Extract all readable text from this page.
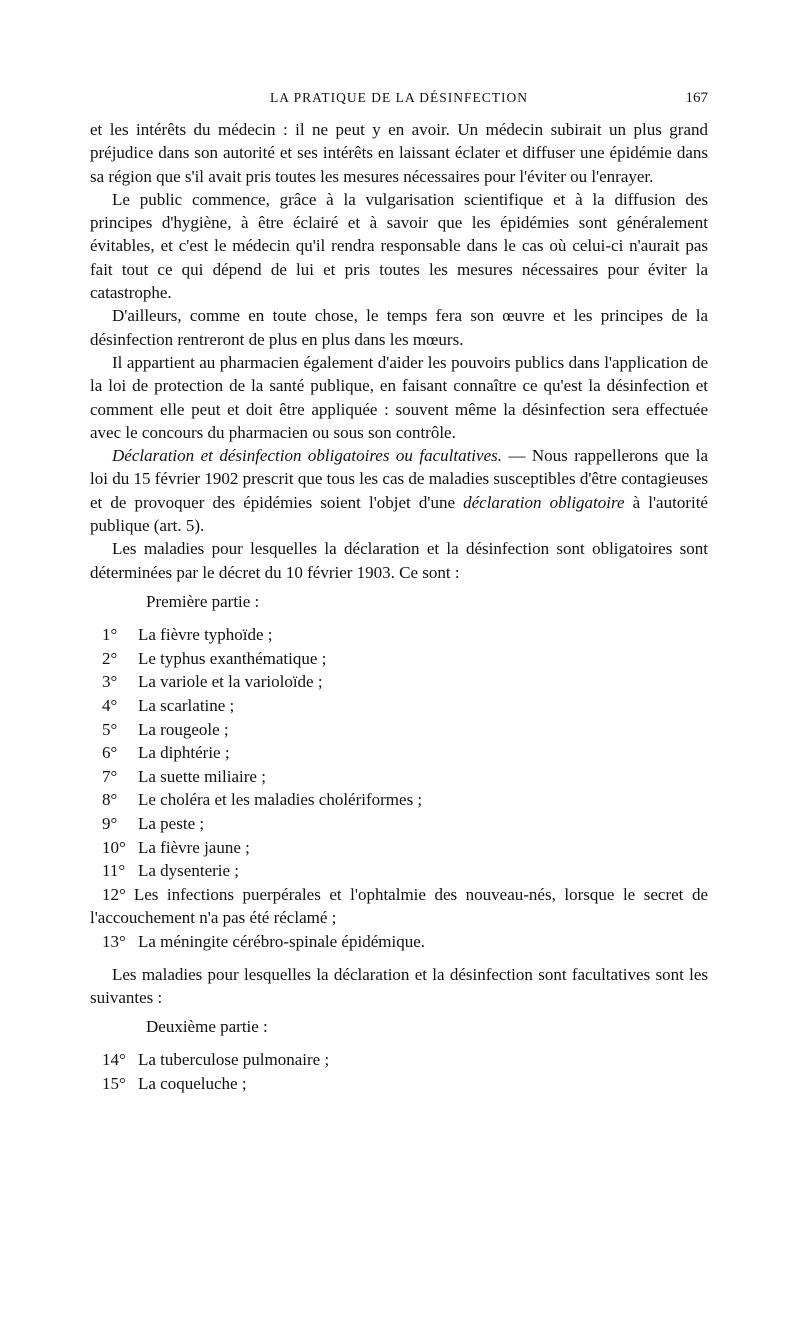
LA PRATIQUE DE LA DÉSINFECTION	167

et les intérêts du médecin : il ne peut y en avoir. Un médecin subirait un plus grand préjudice dans son autorité et ses intérêts en laissant éclater et diffuser une épidémie dans sa région que s'il avait pris toutes les mesures nécessaires pour l'éviter ou l'enrayer.

Le public commence, grâce à la vulgarisation scientifique et à la diffusion des principes d'hygiène, à être éclairé et à savoir que les épidémies sont généralement évitables, et c'est le médecin qu'il rendra responsable dans le cas où celui-ci n'aurait pas fait tout ce qui dépend de lui et pris toutes les mesures nécessaires pour éviter la catastrophe.

D'ailleurs, comme en toute chose, le temps fera son œuvre et les principes de la désinfection rentreront de plus en plus dans les mœurs.

Il appartient au pharmacien également d'aider les pouvoirs publics dans l'application de la loi de protection de la santé publique, en faisant connaître ce qu'est la désinfection et comment elle peut et doit être appliquée : souvent même la désinfection sera effectuée avec le concours du pharmacien ou sous son contrôle.

Déclaration et désinfection obligatoires ou facultatives. — Nous rappellerons que la loi du 15 février 1902 prescrit que tous les cas de maladies susceptibles d'être contagieuses et de provoquer des épidémies soient l'objet d'une déclaration obligatoire à l'autorité publique (art. 5).

Les maladies pour lesquelles la déclaration et la désinfection sont obligatoires sont déterminées par le décret du 10 février 1903. Ce sont :

Première partie :

1°	La fièvre typhoïde ;
2°	Le typhus exanthématique ;
3°	La variole et la varioloïde ;
4°	La scarlatine ;
5°	La rougeole ;
6°	La diphtérie ;
7°	La suette miliaire ;
8°	Le choléra et les maladies cholériformes ;
9°	La peste ;
10° La fièvre jaune ;
11° La dysenterie ;
12° Les infections puerpérales et l'ophtalmie des nouveau-nés, lorsque le secret de l'accouchement n'a pas été réclamé ;
13° La méningite cérébro-spinale épidémique.

Les maladies pour lesquelles la déclaration et la désinfection sont facultatives sont les suivantes :

Deuxième partie :

14° La tuberculose pulmonaire ;
15° La coqueluche ;
